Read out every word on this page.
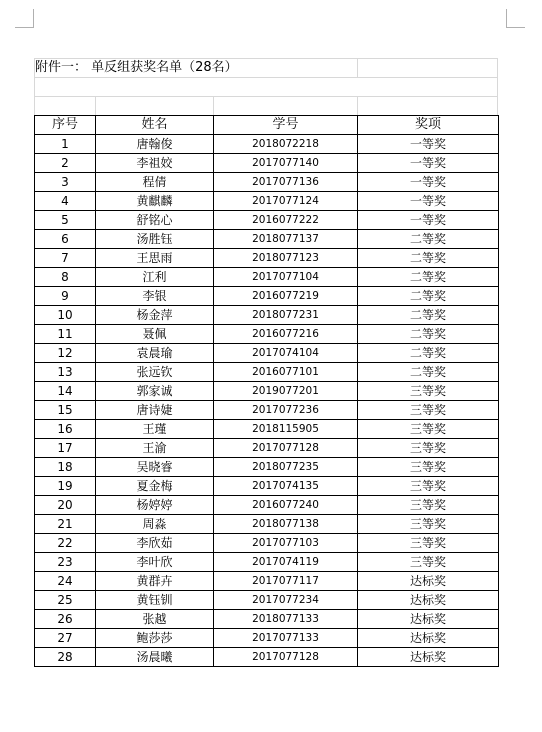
附件一： 单反组获奖名单（28名）
序号	姓名	学号	奖项
1	唐翰俊	2018072218	一等奖
2	李祖姣	2017077140	一等奖
3	程倩	2017077136	一等奖
4	黄麒麟	2017077124	一等奖
5	舒铭心	2016077222	一等奖
6	汤胜钰	2018077137	二等奖
7	王思雨	2018077123	二等奖
8	江利	2017077104	二等奖
9	李银	2016077219	二等奖
10	杨金萍	2018077231	二等奖
11	聂佩	2016077216	二等奖
12	袁晨瑜	2017074104	二等奖
13	张远钦	2016077101	二等奖
14	郭家诚	2019077201	三等奖
15	唐诗婕	2017077236	三等奖
16	王瑾	2018115905	三等奖
17	王渝	2017077128	三等奖
18	吴晓睿	2018077235	三等奖
19	夏金梅	2017074135	三等奖
20	杨婷婷	2016077240	三等奖
21	周淼	2018077138	三等奖
22	李欣茹	2017077103	三等奖
23	李叶欣	2017074119	三等奖
24	黄群卉	2017077117	达标奖
25	黄钰钏	2017077234	达标奖
26	张越	2018077133	达标奖
27	鲍莎莎	2017077133	达标奖
28	汤晨曦	2017077128	达标奖
